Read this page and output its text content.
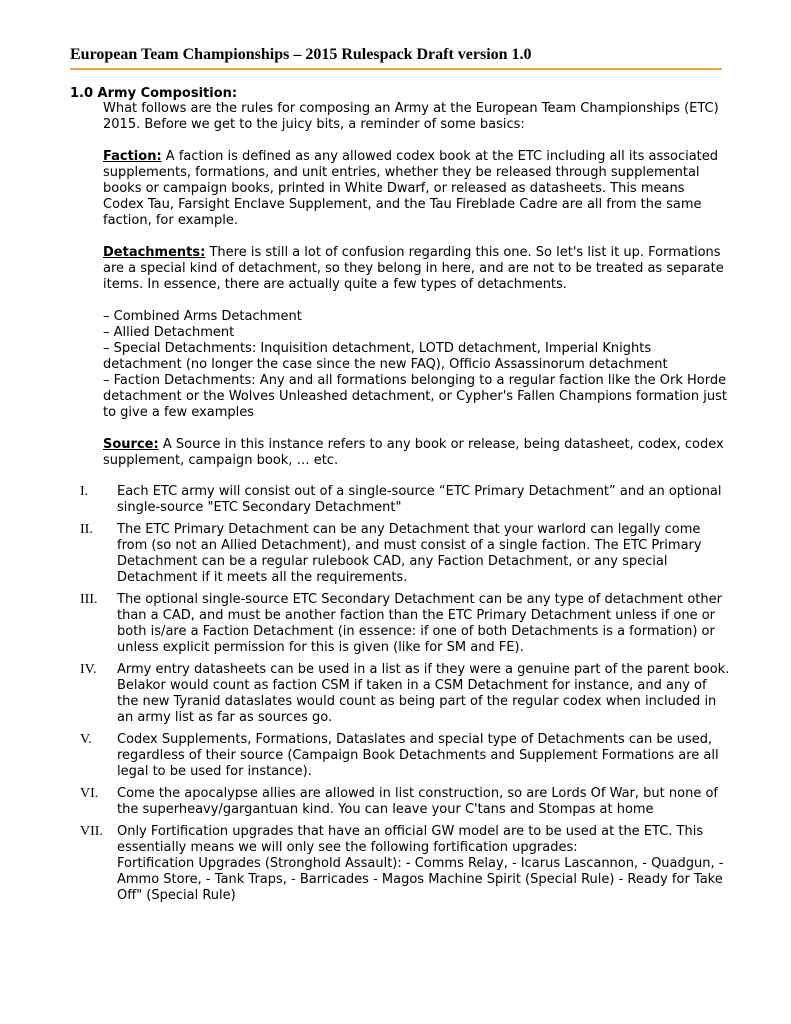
European Team Championships – 2015 Rulespack Draft version 1.0
1.0 Army Composition:

What follows are the rules for composing an Army at the European Team Championships (ETC) 2015. Before we get to the juicy bits, a reminder of some basics:

Faction: A faction is defined as any allowed codex book at the ETC including all its associated supplements, formations, and unit entries, whether they be released through supplemental books or campaign books, printed in White Dwarf, or released as datasheets. This means Codex Tau, Farsight Enclave Supplement, and the Tau Fireblade Cadre are all from the same faction, for example.

Detachments: There is still a lot of confusion regarding this one. So let's list it up. Formations are a special kind of detachment, so they belong in here, and are not to be treated as separate items. In essence, there are actually quite a few types of detachments.

– Combined Arms Detachment

– Allied Detachment

– Special Detachments: Inquisition detachment, LOTD detachment, Imperial Knights detachment (no longer the case since the new FAQ), Officio Assassinorum detachment

– Faction Detachments: Any and all formations belonging to a regular faction like the Ork Horde detachment or the Wolves Unleashed detachment, or Cypher's Fallen Champions formation just to give a few examples

Source: A Source in this instance refers to any book or release, being datasheet, codex, codex supplement, campaign book, … etc.

I. Each ETC army will consist out of a single-source “ETC Primary Detachment” and an optional single-source "ETC Secondary Detachment"
II. The ETC Primary Detachment can be any Detachment that your warlord can legally come from (so not an Allied Detachment), and must consist of a single faction. The ETC Primary Detachment can be a regular rulebook CAD, any Faction Detachment, or any special Detachment if it meets all the requirements.
III. The optional single-source ETC Secondary Detachment can be any type of detachment other than a CAD, and must be another faction than the ETC Primary Detachment unless if one or both is/are a Faction Detachment (in essence: if one of both Detachments is a formation) or unless explicit permission for this is given (like for SM and FE).
IV. Army entry datasheets can be used in a list as if they were a genuine part of the parent book. Belakor would count as faction CSM if taken in a CSM Detachment for instance, and any of the new Tyranid dataslates would count as being part of the regular codex when included in an army list as far as sources go.
V. Codex Supplements, Formations, Dataslates and special type of Detachments can be used, regardless of their source (Campaign Book Detachments and Supplement Formations are all legal to be used for instance).
VI. Come the apocalypse allies are allowed in list construction, so are Lords Of War, but none of the superheavy/gargantuan kind. You can leave your C'tans and Stompas at home
VII. Only Fortification upgrades that have an official GW model are to be used at the ETC. This essentially means we will only see the following fortification upgrades:
Fortification Upgrades (Stronghold Assault): - Comms Relay, - Icarus Lascannon, - Quadgun, - Ammo Store, - Tank Traps, - Barricades - Magos Machine Spirit (Special Rule) - Ready for Take Off" (Special Rule)
